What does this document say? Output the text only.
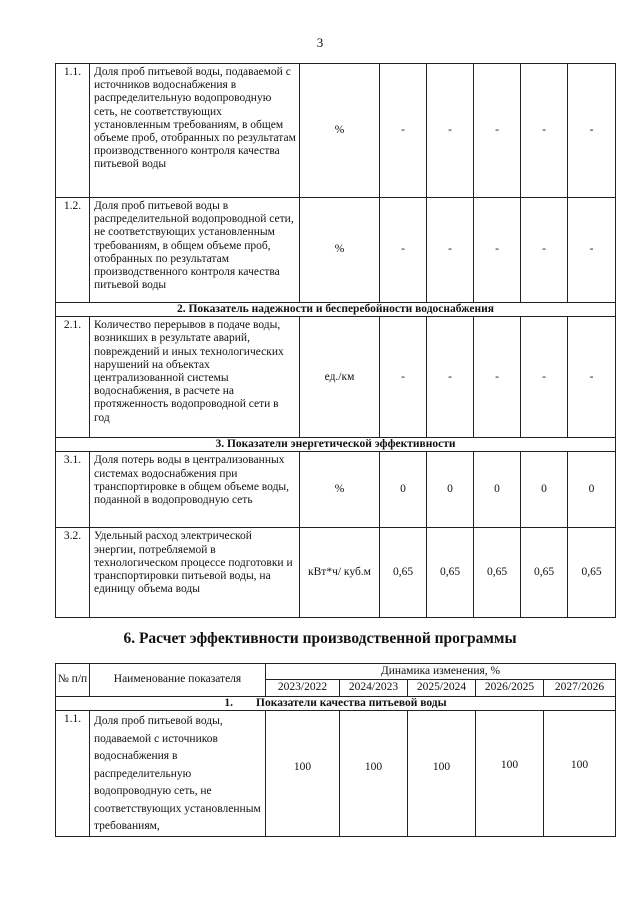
3
1.1.	Доля проб питьевой воды, подаваемой с источников водоснабжения в распределительную водопроводную сеть, не соответствующих установленным требованиям, в общем объеме проб, отобранных по результатам производственного контроля качества питьевой воды	%	-	-	-	-	-
1.2.	Доля проб питьевой воды в распределительной водопроводной сети, не соответствующих установленным требованиям, в общем объеме проб, отобранных по результатам производственного контроля качества питьевой воды	%	-	-	-	-	-
2. Показатель надежности и бесперебойности водоснабжения							
2.1.	Количество перерывов в подаче воды, возникших в результате аварий, повреждений и иных технологических нарушений на объектах централизованной системы водоснабжения, в расчете на протяженность водопроводной сети в год	ед./км	-	-	-	-	-
3. Показатели энергетической эффективности							
3.1.	Доля потерь воды в централизованных системах водоснабжения при транспортировке в общем объеме воды, поданной в водопроводную сеть	%	0	0	0	0	0
3.2.	Удельный расход электрической энергии, потребляемой в технологическом процессе подготовки и транспортировки питьевой воды, на единицу объема воды	кВт*ч/ куб.м	0,65	0,65	0,65	0,65	0,65
6. Расчет эффективности производственной программы
№ п/п	Наименование показателя	Динамика изменения, %				
		2023/2022	2024/2023	2025/2024	2026/2025	2027/2026
1.        Показатели качества питьевой воды						
1.1.	Доля проб питьевой воды, подаваемой с источников водоснабжения в распределительную водопроводную сеть, не соответствующих установленным требованиям,	100	100	100	100	100
